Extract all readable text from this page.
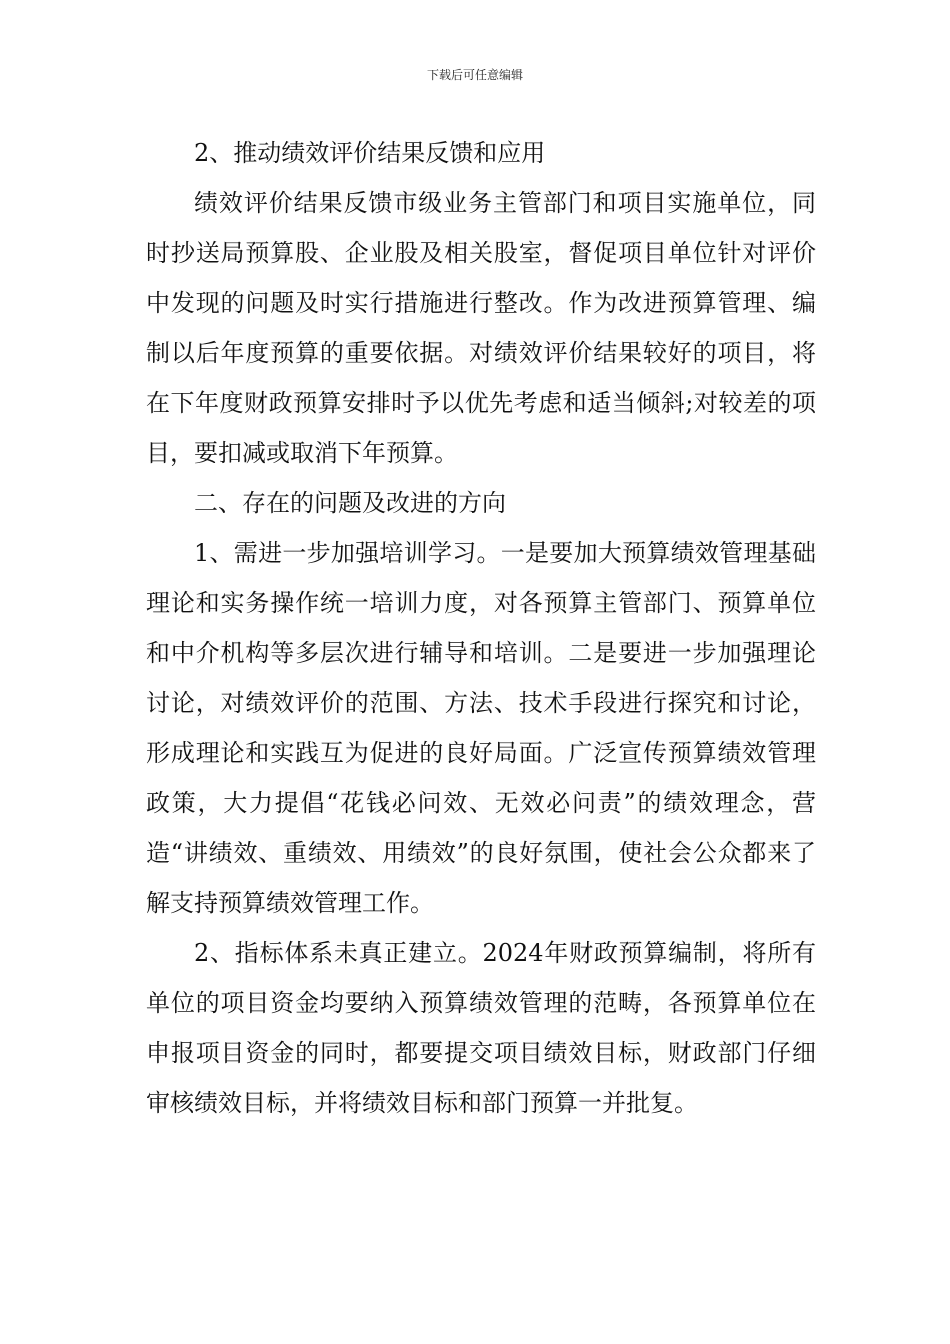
下载后可任意编辑

2、推动绩效评价结果反馈和应用

绩效评价结果反馈市级业务主管部门和项目实施单位，同时抄送局预算股、企业股及相关股室，督促项目单位针对评价中发现的问题及时实行措施进行整改。作为改进预算管理、编制以后年度预算的重要依据。对绩效评价结果较好的项目，将在下年度财政预算安排时予以优先考虑和适当倾斜;对较差的项目，要扣减或取消下年预算。

二、存在的问题及改进的方向

1、需进一步加强培训学习。一是要加大预算绩效管理基础理论和实务操作统一培训力度，对各预算主管部门、预算单位和中介机构等多层次进行辅导和培训。二是要进一步加强理论讨论，对绩效评价的范围、方法、技术手段进行探究和讨论，形成理论和实践互为促进的良好局面。广泛宣传预算绩效管理政策，大力提倡“花钱必问效、无效必问责”的绩效理念，营造“讲绩效、重绩效、用绩效”的良好氛围，使社会公众都来了解支持预算绩效管理工作。

2、指标体系未真正建立。2024年财政预算编制，将所有单位的项目资金均要纳入预算绩效管理的范畴，各预算单位在申报项目资金的同时，都要提交项目绩效目标，财政部门仔细审核绩效目标，并将绩效目标和部门预算一并批复。
